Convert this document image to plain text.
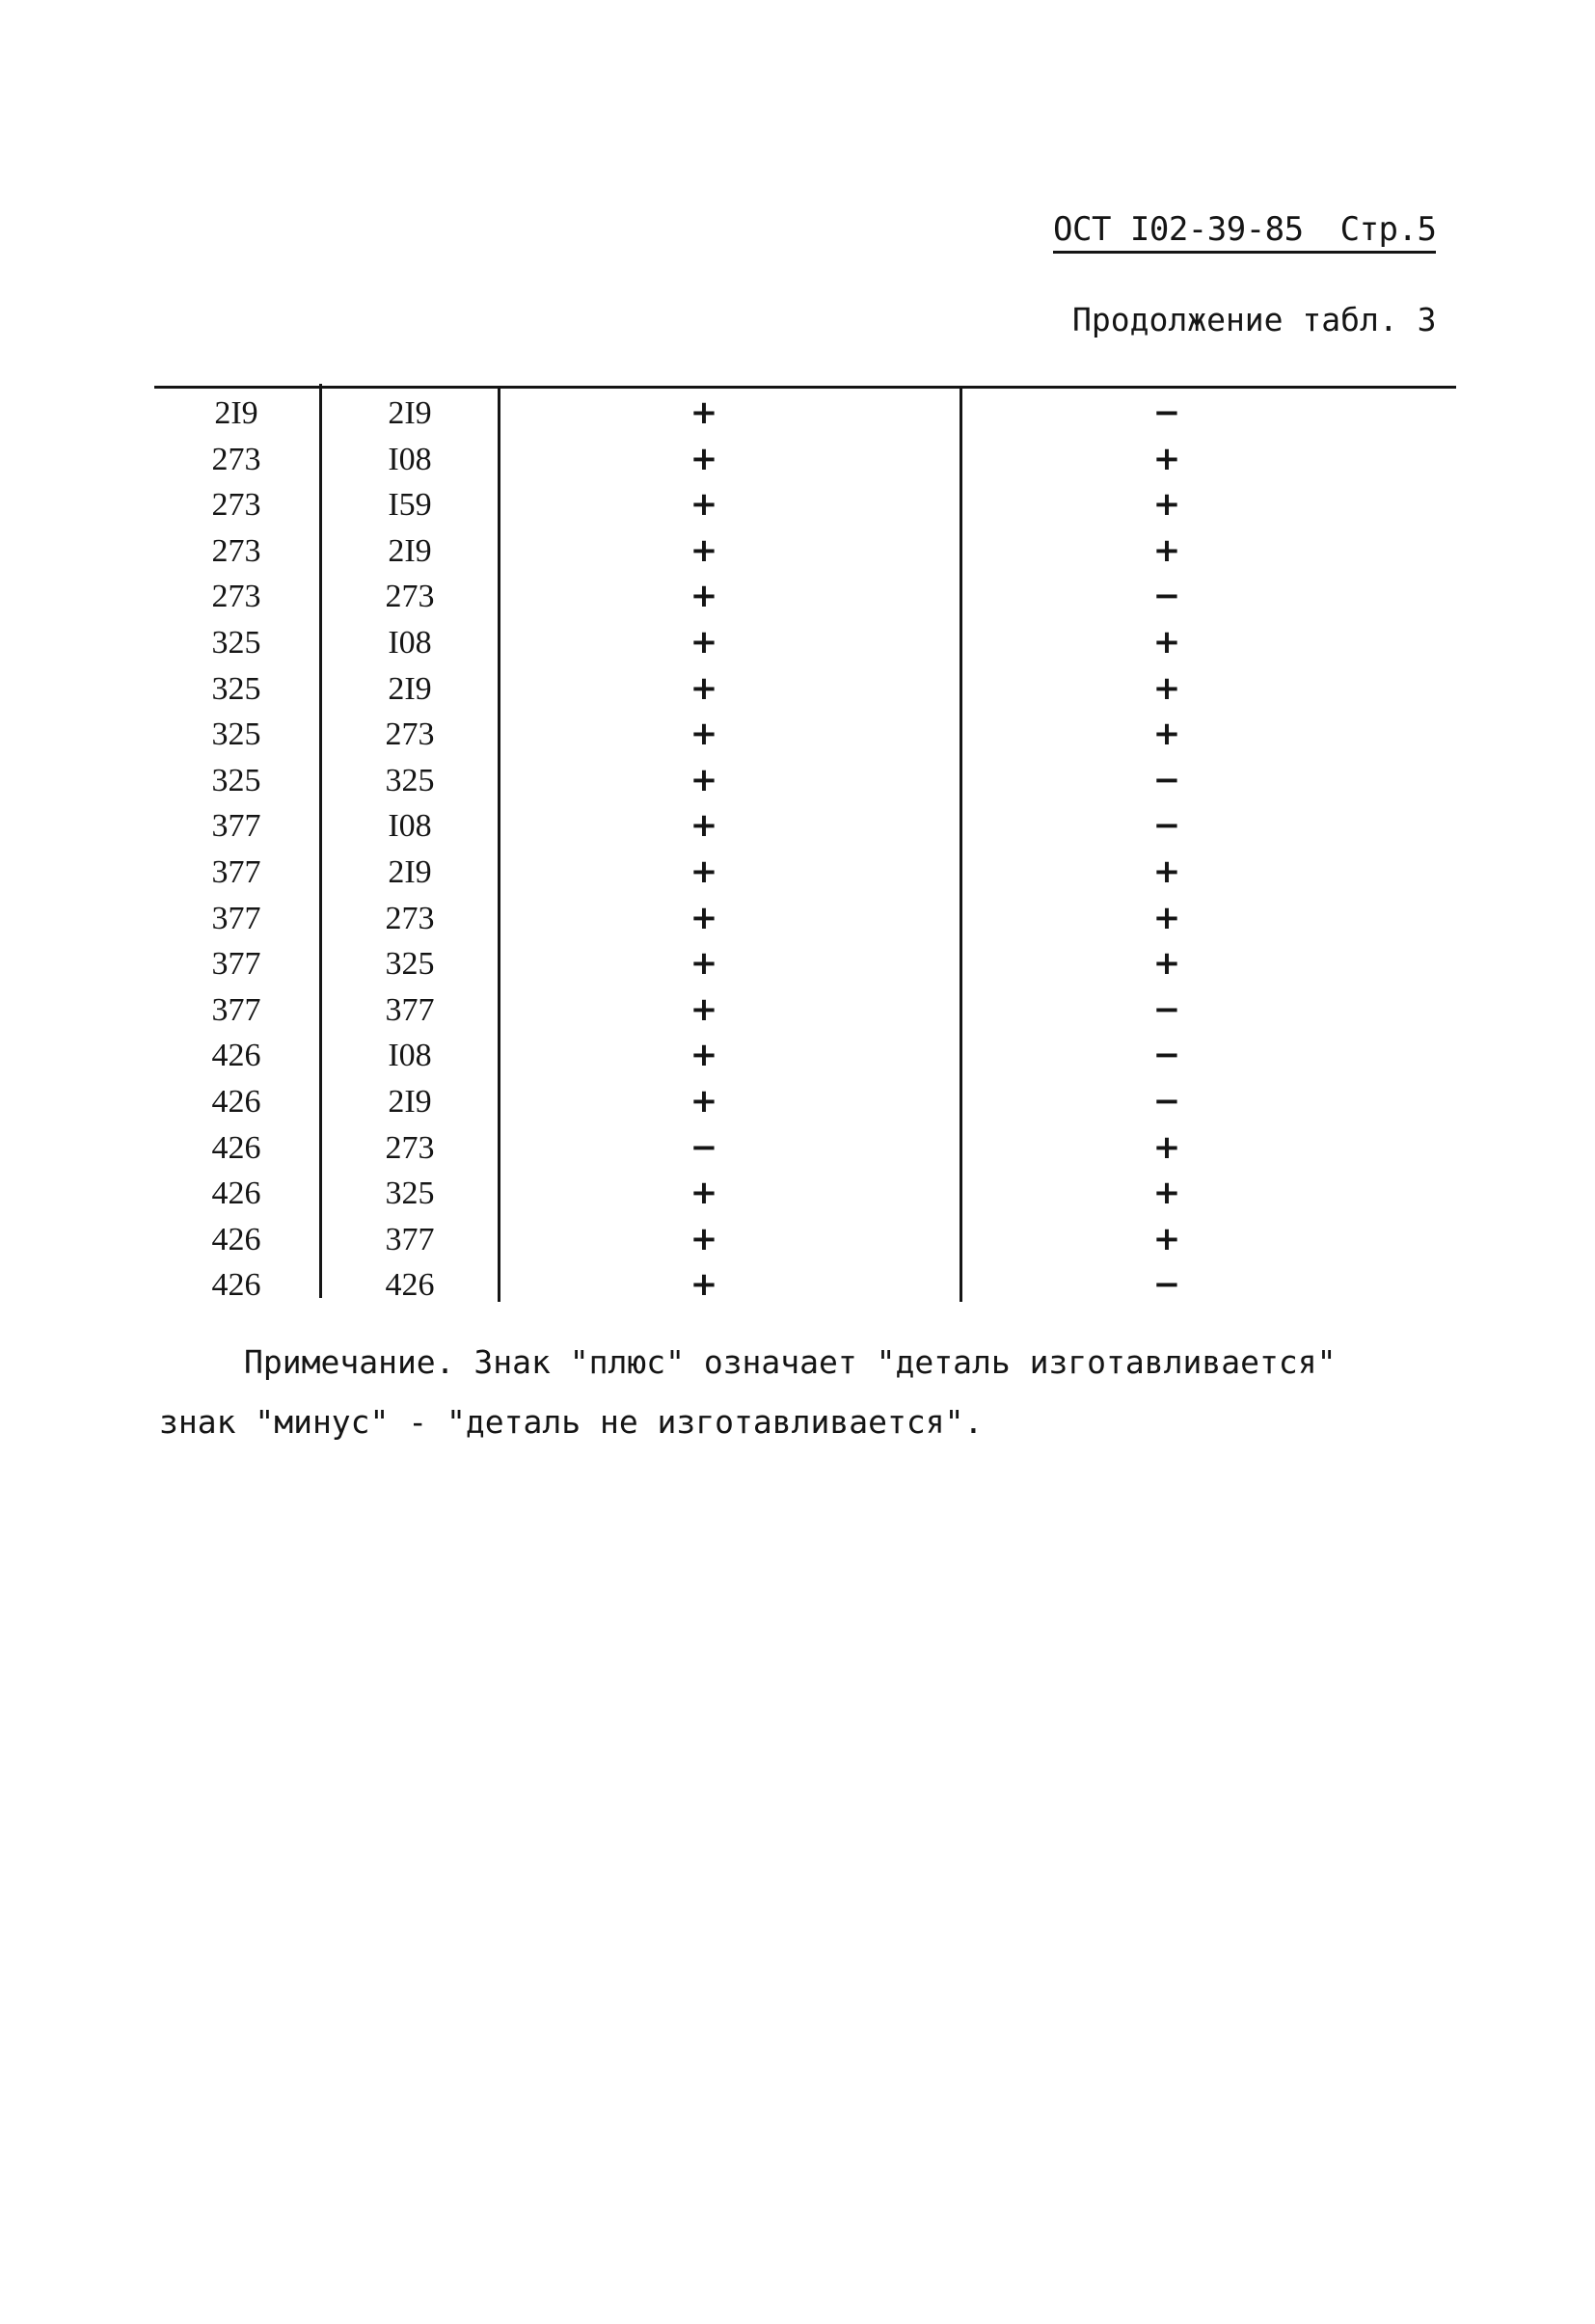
ОСТ I02-39-85 Стр.5
Продолжение табл. 3
2I9	2I9	+	−
273	I08	+	+
273	I59	+	+
273	2I9	+	+
273	273	+	−
325	I08	+	+
325	2I9	+	+
325	273	+	+
325	325	+	−
377	I08	+	−
377	2I9	+	+
377	273	+	+
377	325	+	+
377	377	+	−
426	I08	+	−
426	2I9	+	−
426	273	−	+
426	325	+	+
426	377	+	+
426	426	+	−
Примечание. Знак "плюс" означает "деталь изготавливается"
знак "минус" - "деталь не изготавливается".
